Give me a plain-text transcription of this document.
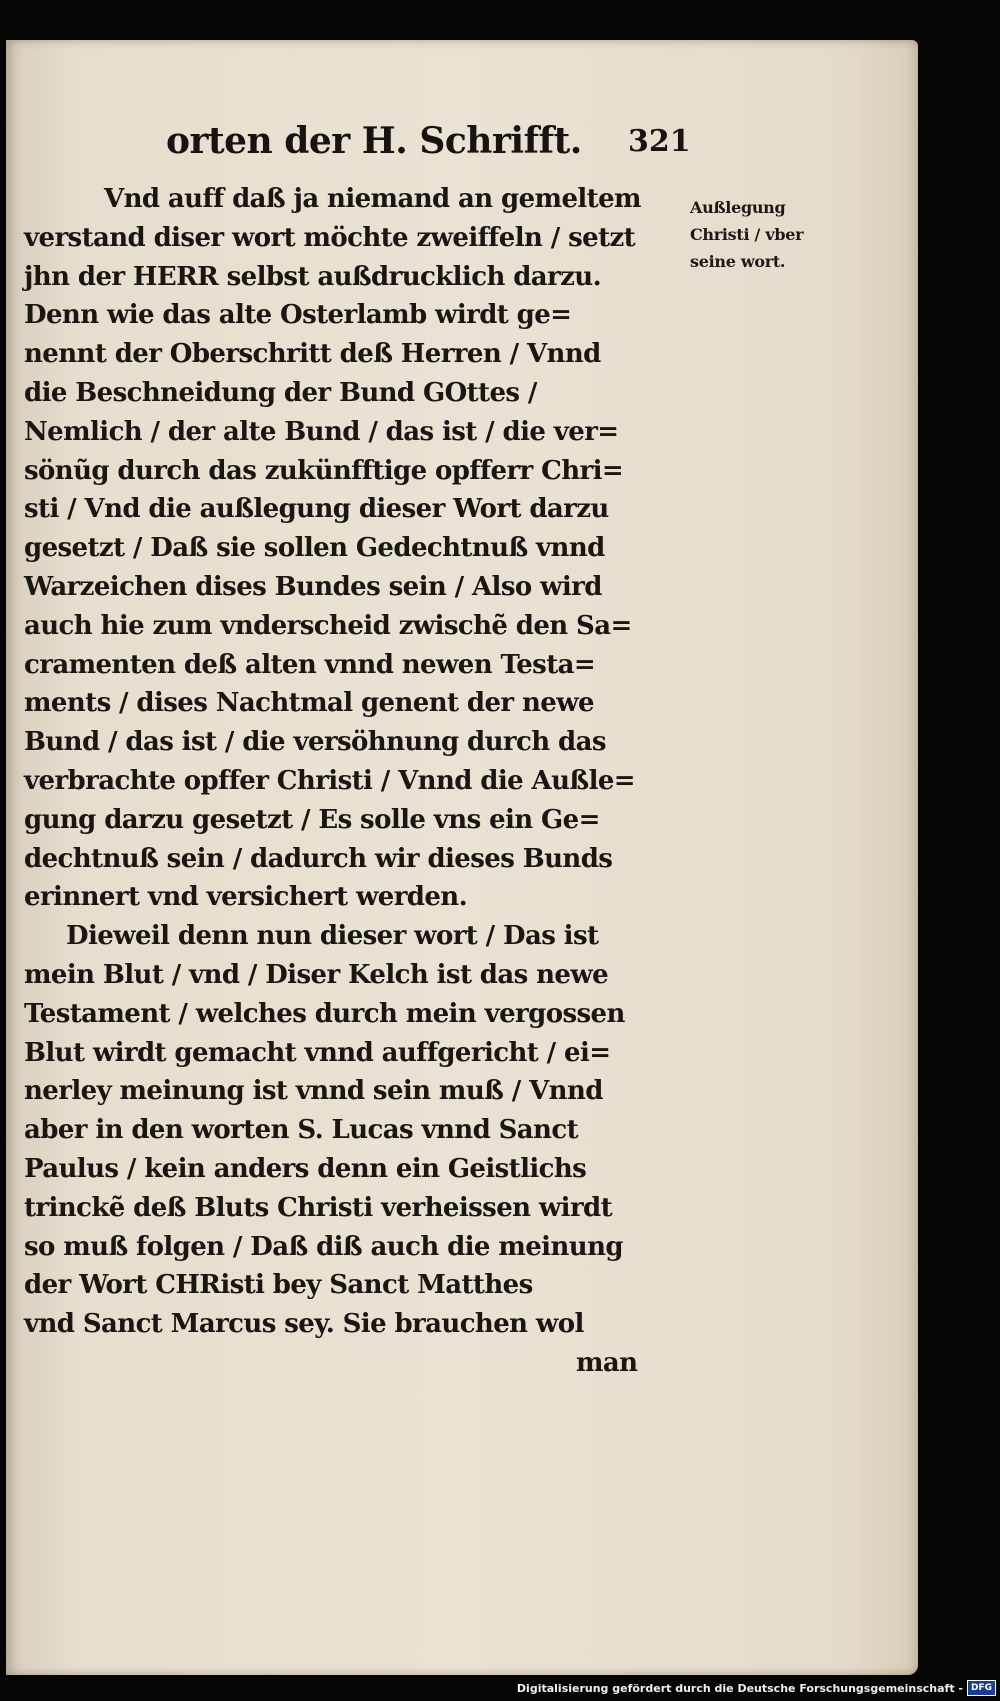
orten der H. Schrifft. 321
Vnd auff daß ja niemand an gemeltem
verstand diser wort möchte zweiffeln / setzt
jhn der HERR selbst außdrucklich darzu.
Denn wie das alte Osterlamb wirdt ge=
nennt der Oberschritt deß Herren / Vnnd
die Beschneidung der Bund GOttes /
Nemlich / der alte Bund / das ist / die ver=
sönũg durch das zukünfftige opfferr Chri=
sti / Vnd die außlegung dieser Wort darzu
gesetzt / Daß sie sollen Gedechtnuß vnnd
Warzeichen dises Bundes sein / Also wird
auch hie zum vnderscheid zwischẽ den Sa=
cramenten deß alten vnnd newen Testa=
ments / dises Nachtmal genent der newe
Bund / das ist / die versöhnung durch das
verbrachte opffer Christi / Vnnd die Außle=
gung darzu gesetzt / Es solle vns ein Ge=
dechtnuß sein / dadurch wir dieses Bunds
erinnert vnd versichert werden.
Dieweil denn nun dieser wort / Das ist
mein Blut / vnd / Diser Kelch ist das newe
Testament / welches durch mein vergossen
Blut wirdt gemacht vnnd auffgericht / ei=
nerley meinung ist vnnd sein muß / Vnnd
aber in den worten S. Lucas vnnd Sanct
Paulus / kein anders denn ein Geistlichs
trinckẽ deß Bluts Christi verheissen wirdt
so muß folgen / Daß diß auch die meinung
der Wort CHRisti bey Sanct Matthes
vnd Sanct Marcus sey. Sie brauchen wol
man
Außlegung
Christi / vber
seine wort.
Digitalisierung gefördert durch die Deutsche Forschungsgemeinschaft - DFG
